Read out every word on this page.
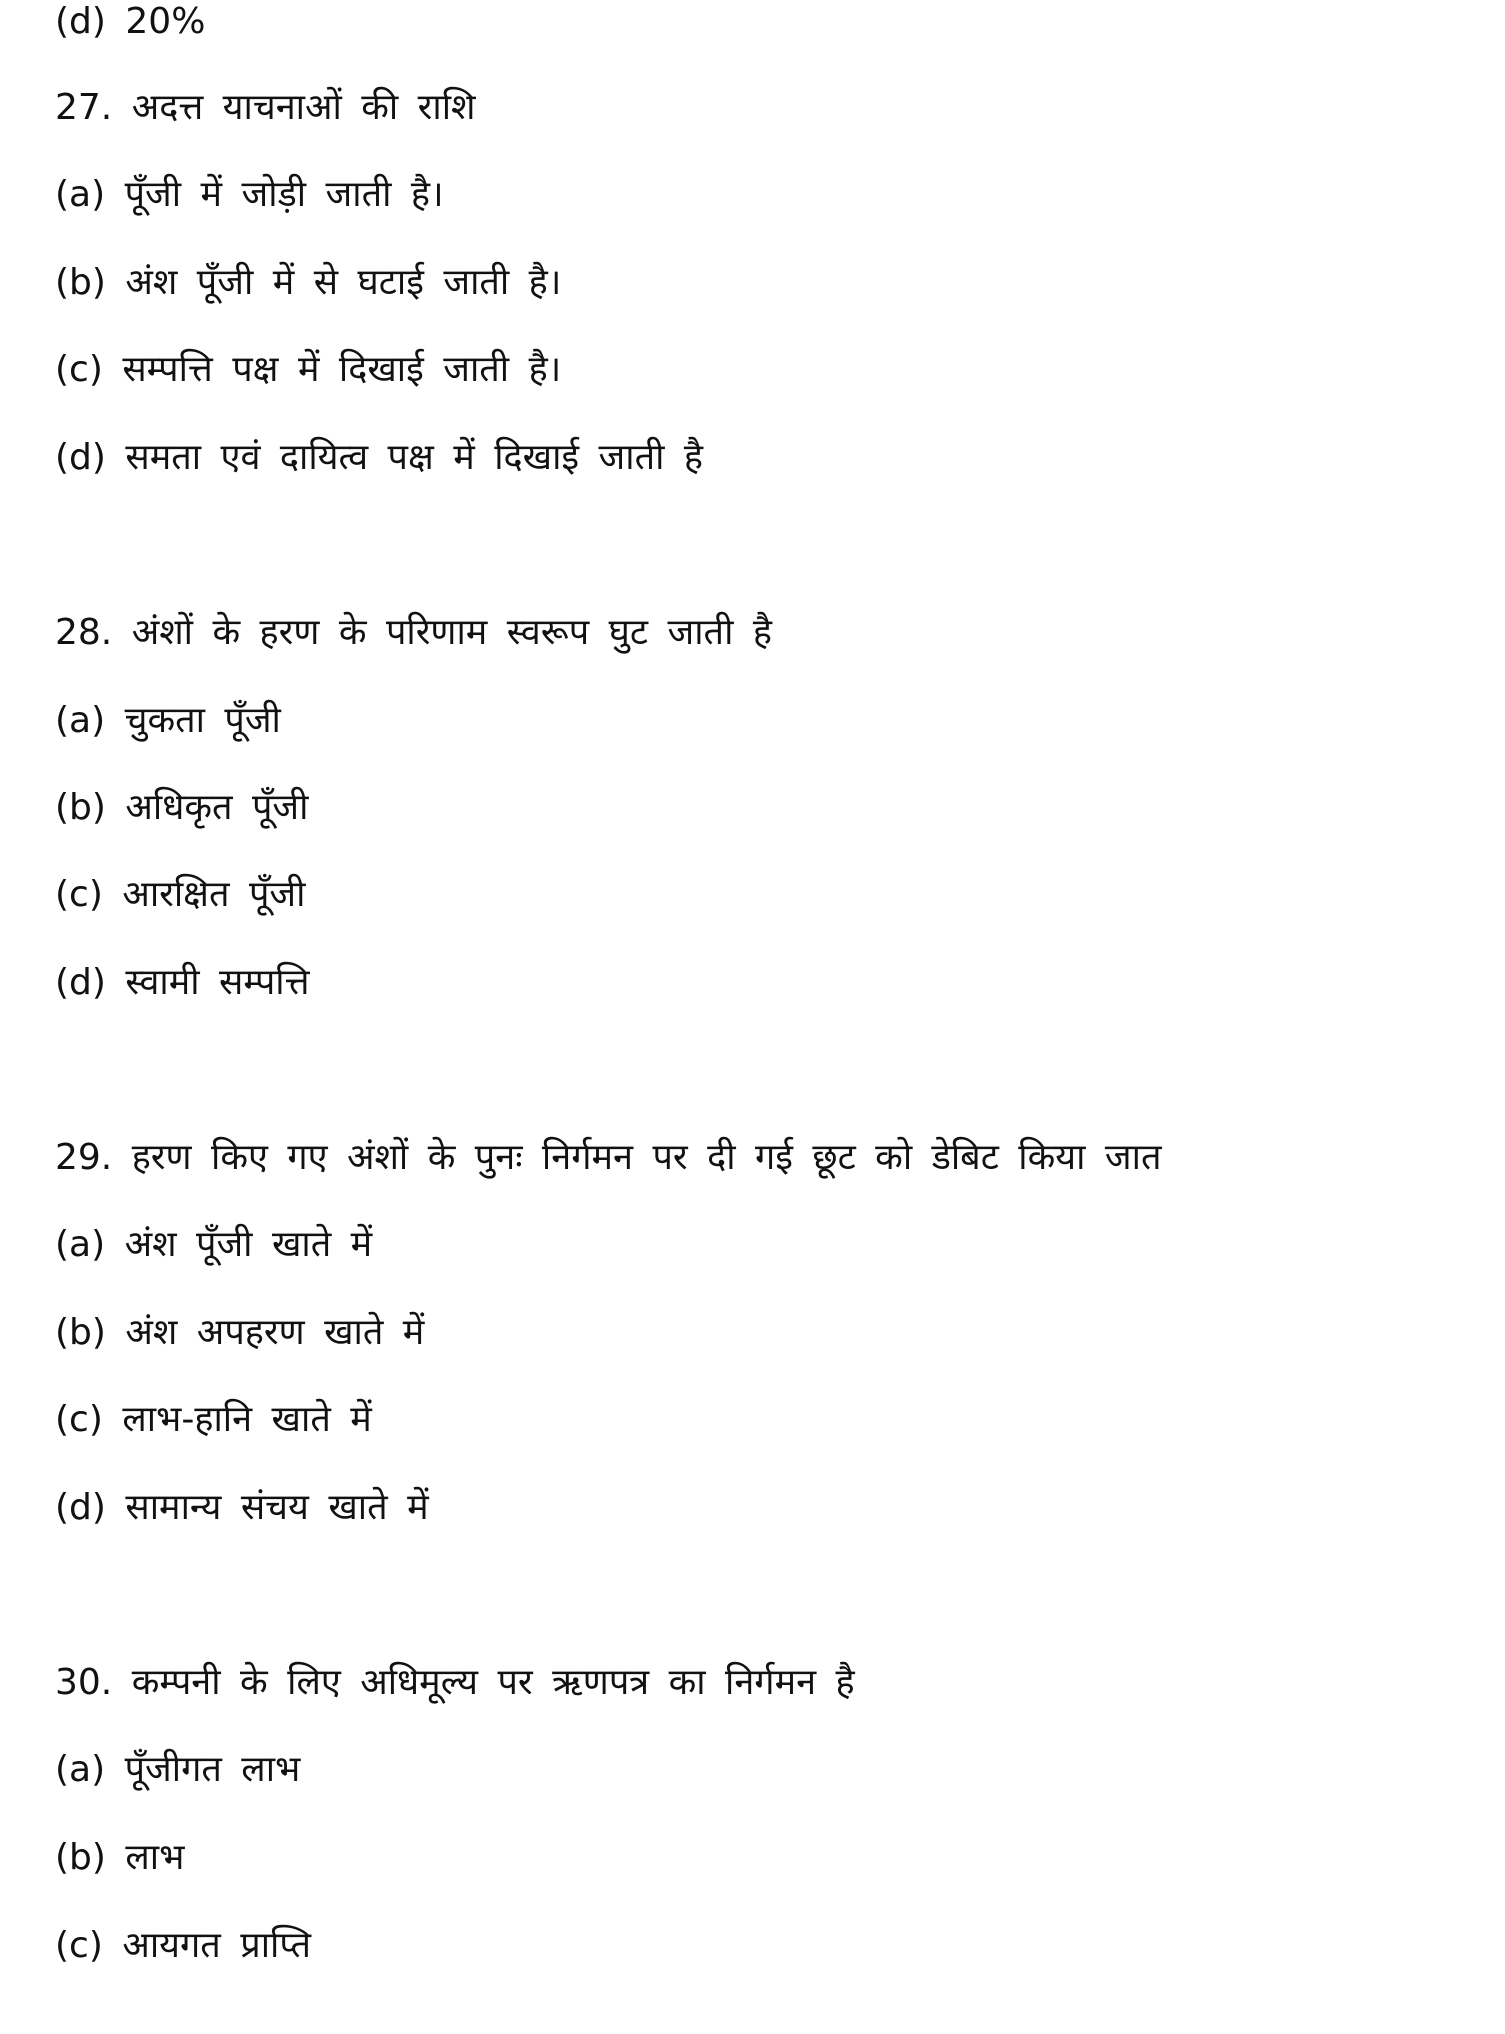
(d) 20%
27. अदत्त याचनाओं की राशि
(a) पूँजी में जोड़ी जाती है।
(b) अंश पूँजी में से घटाई जाती है।
(c) सम्पत्ति पक्ष में दिखाई जाती है।
(d) समता एवं दायित्व पक्ष में दिखाई जाती है
28. अंशों के हरण के परिणाम स्वरूप घुट जाती है
(a) चुकता पूँजी
(b) अधिकृत पूँजी
(c) आरक्षित पूँजी
(d) स्वामी सम्पत्ति
29. हरण किए गए अंशों के पुनः निर्गमन पर दी गई छूट को डेबिट किया जात
(a) अंश पूँजी खाते में
(b) अंश अपहरण खाते में
(c) लाभ-हानि खाते में
(d) सामान्य संचय खाते में
30. कम्पनी के लिए अधिमूल्य पर ऋणपत्र का निर्गमन है
(a) पूँजीगत लाभ
(b) लाभ
(c) आयगत प्राप्ति
